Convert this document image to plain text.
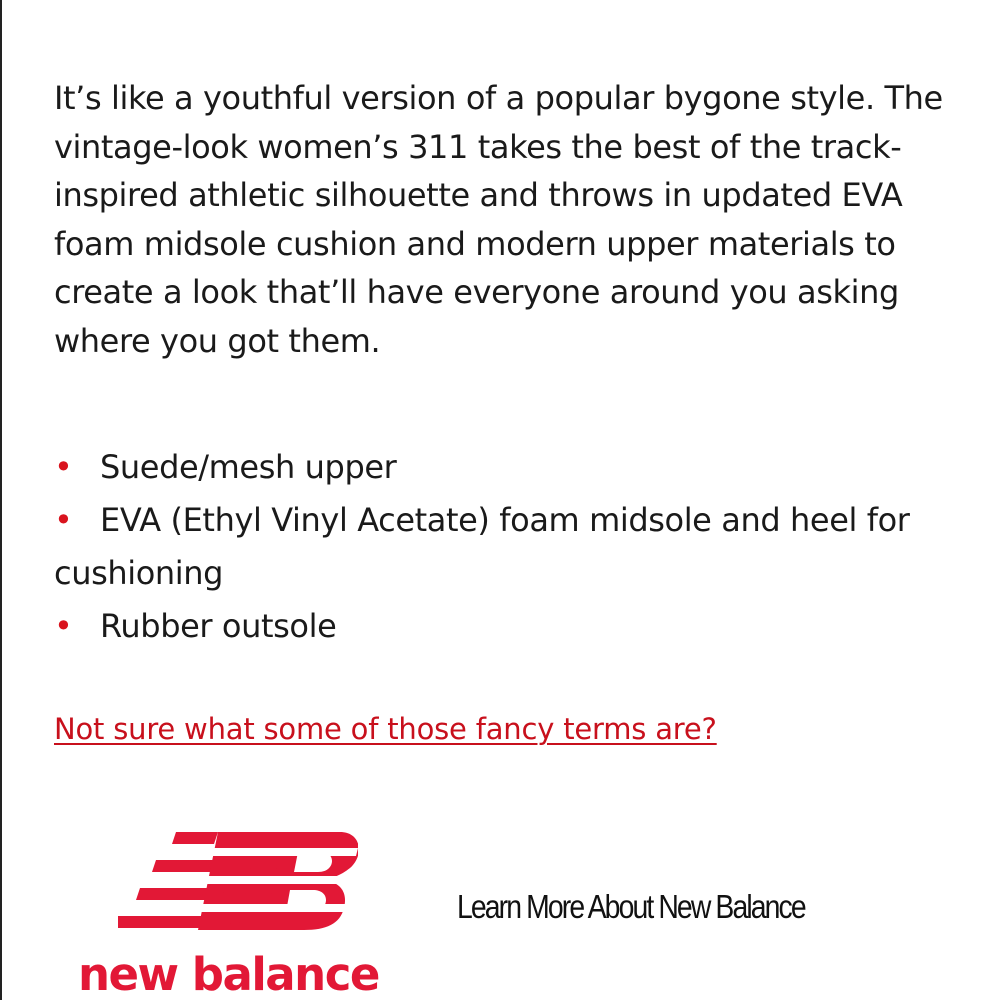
It’s like a youthful version of a popular bygone style. The vintage-look women’s 311 takes the best of the track-inspired athletic silhouette and throws in updated EVA foam midsole cushion and modern upper materials to create a look that’ll have everyone around you asking where you got them.

• Suede/mesh upper
• EVA (Ethyl Vinyl Acetate) foam midsole and heel for cushioning
• Rubber outsole
Not sure what some of those fancy terms are?
new balance
Learn More About New Balance
